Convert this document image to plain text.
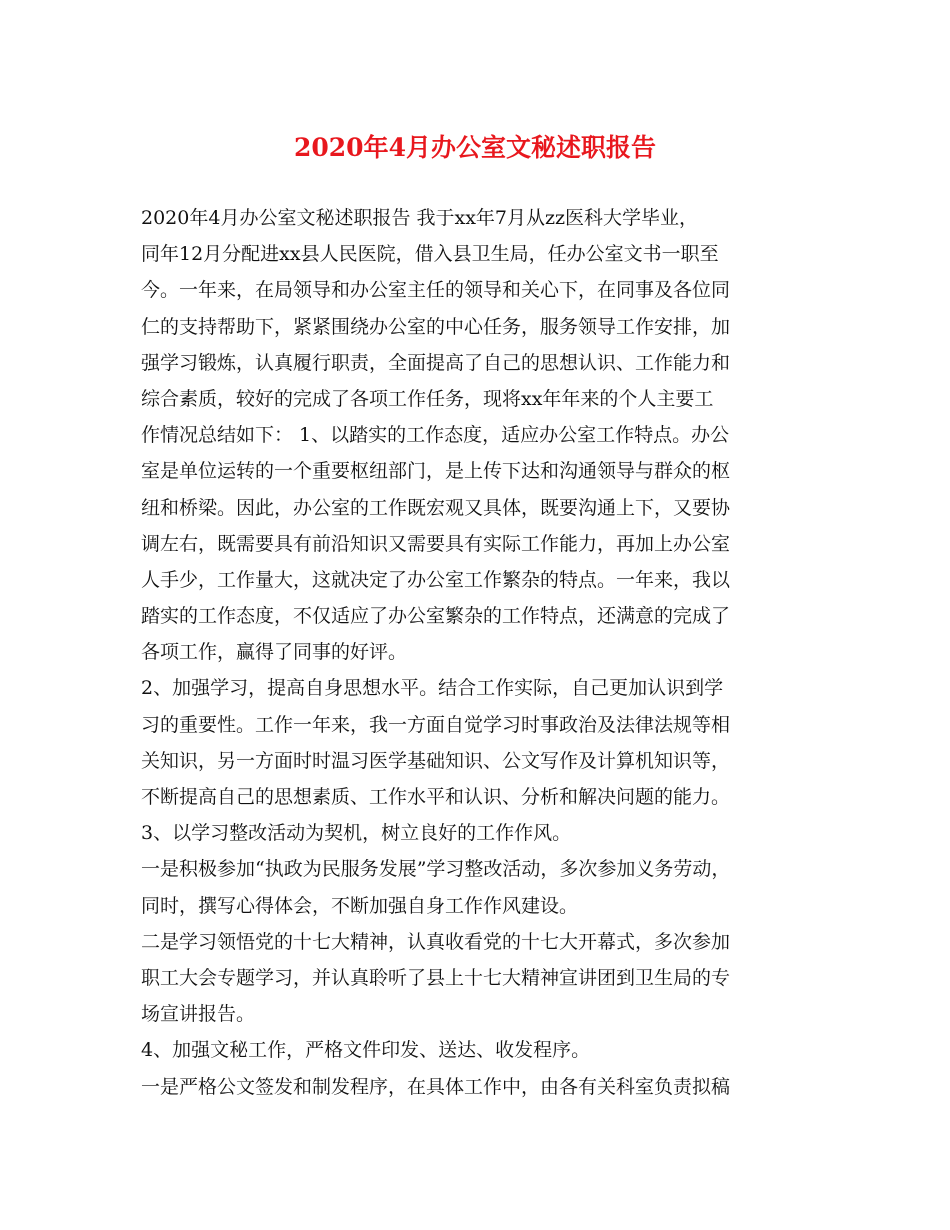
2020年4月办公室文秘述职报告
2020年4月办公室文秘述职报告 我于xx年7月从zz医科大学毕业，
同年12月分配进xx县人民医院，借入县卫生局，任办公室文书一职至
今。一年来，在局领导和办公室主任的领导和关心下，在同事及各位同
仁的支持帮助下，紧紧围绕办公室的中心任务，服务领导工作安排，加
强学习锻炼，认真履行职责，全面提高了自己的思想认识、工作能力和
综合素质，较好的完成了各项工作任务，现将xx年年来的个人主要工
作情况总结如下： 1、以踏实的工作态度，适应办公室工作特点。办公
室是单位运转的一个重要枢纽部门，是上传下达和沟通领导与群众的枢
纽和桥梁。因此，办公室的工作既宏观又具体，既要沟通上下，又要协
调左右，既需要具有前沿知识又需要具有实际工作能力，再加上办公室
人手少，工作量大，这就决定了办公室工作繁杂的特点。一年来，我以
踏实的工作态度，不仅适应了办公室繁杂的工作特点，还满意的完成了
各项工作，赢得了同事的好评。
2、加强学习，提高自身思想水平。结合工作实际，自己更加认识到学
习的重要性。工作一年来，我一方面自觉学习时事政治及法律法规等相
关知识，另一方面时时温习医学基础知识、公文写作及计算机知识等，
不断提高自己的思想素质、工作水平和认识、分析和解决问题的能力。
3、以学习整改活动为契机，树立良好的工作作风。
一是积极参加“执政为民服务发展”学习整改活动，多次参加义务劳动，
同时，撰写心得体会，不断加强自身工作作风建设。
二是学习领悟党的十七大精神，认真收看党的十七大开幕式，多次参加
职工大会专题学习，并认真聆听了县上十七大精神宣讲团到卫生局的专
场宣讲报告。
4、加强文秘工作，严格文件印发、送达、收发程序。
一是严格公文签发和制发程序，在具体工作中，由各有关科室负责拟稿
